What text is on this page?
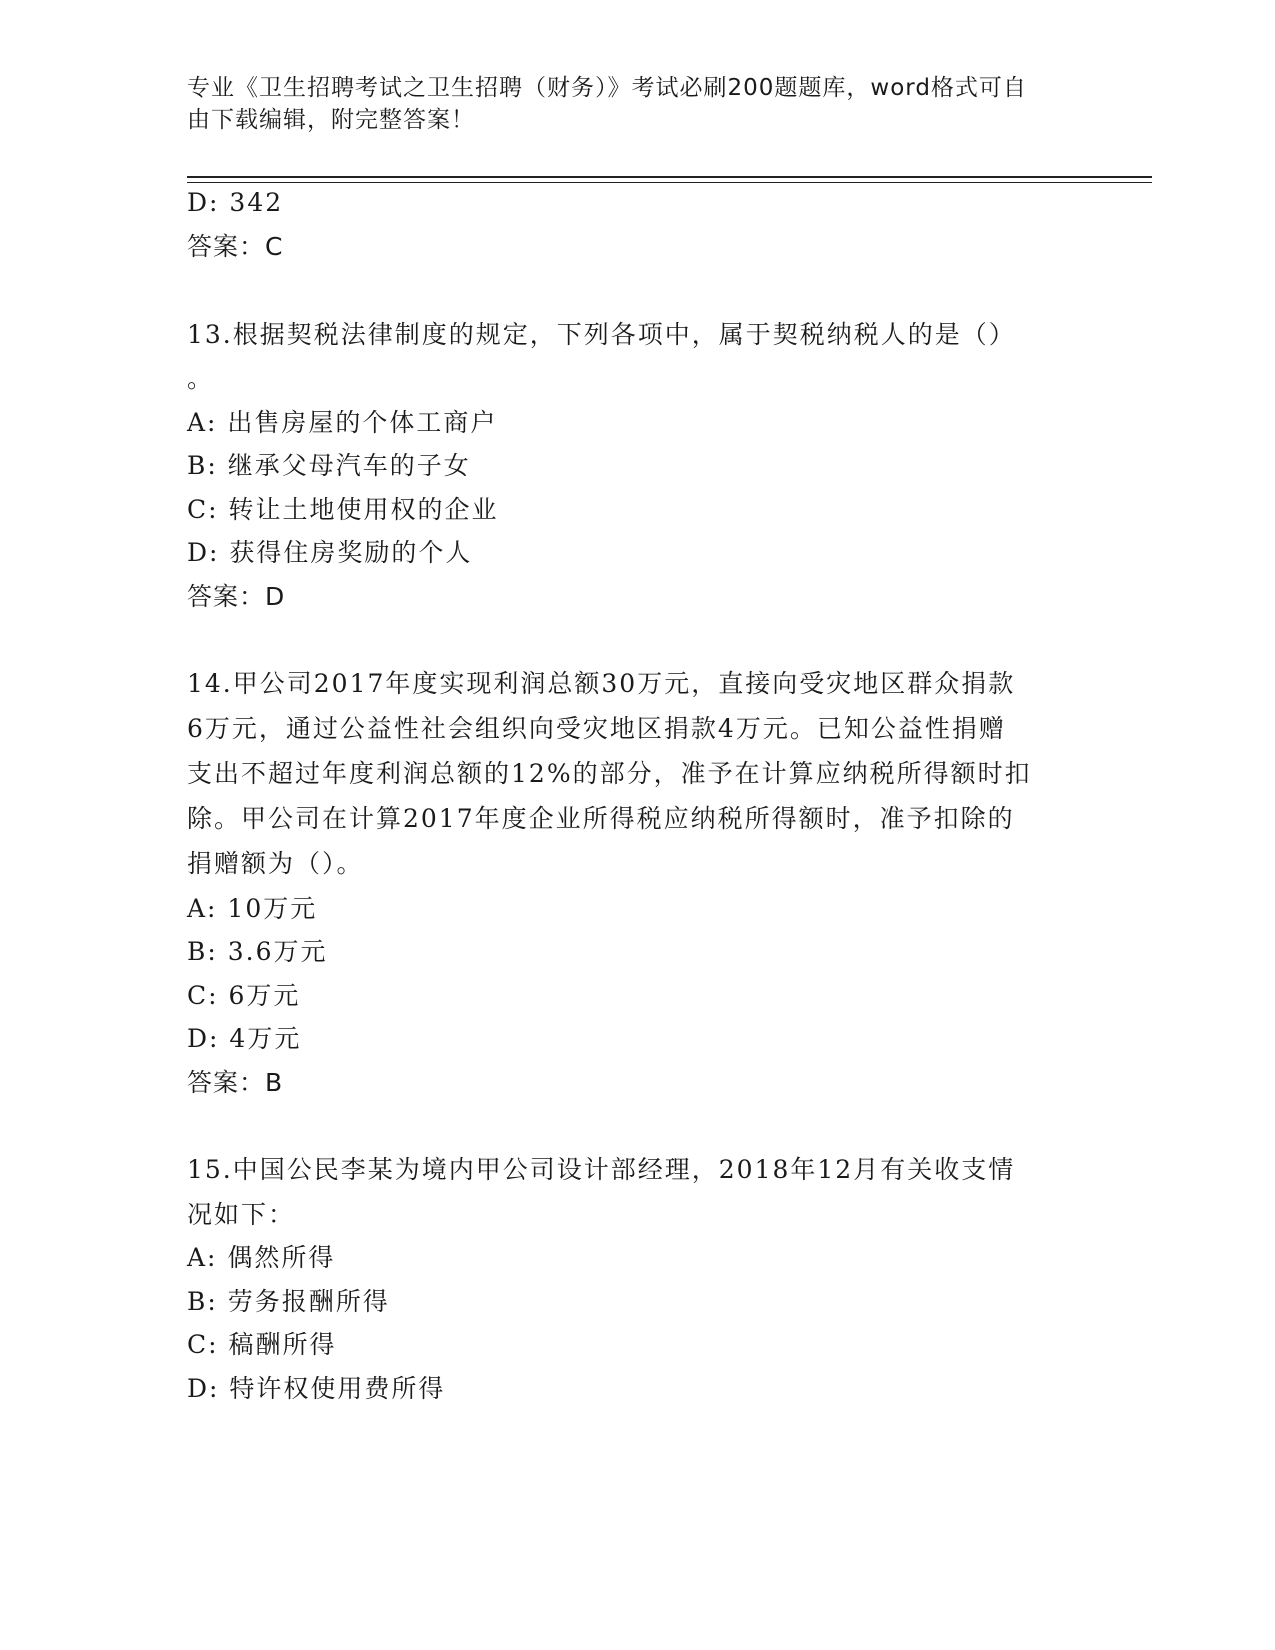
专业《卫生招聘考试之卫生招聘（财务）》考试必刷200题题库，word格式可自
由下载编辑，附完整答案！
D: 342
答案：C
13.根据契税法律制度的规定，下列各项中，属于契税纳税人的是（）
。
A: 出售房屋的个体工商户
B: 继承父母汽车的子女
C: 转让土地使用权的企业
D: 获得住房奖励的个人
答案：D
14.甲公司2017年度实现利润总额30万元，直接向受灾地区群众捐款
6万元，通过公益性社会组织向受灾地区捐款4万元。已知公益性捐赠
支出不超过年度利润总额的12%的部分，准予在计算应纳税所得额时扣
除。甲公司在计算2017年度企业所得税应纳税所得额时，准予扣除的
捐赠额为（）。
A: 10万元
B: 3.6万元
C: 6万元
D: 4万元
答案：B
15.中国公民李某为境内甲公司设计部经理，2018年12月有关收支情
况如下：
A: 偶然所得
B: 劳务报酬所得
C: 稿酬所得
D: 特许权使用费所得
